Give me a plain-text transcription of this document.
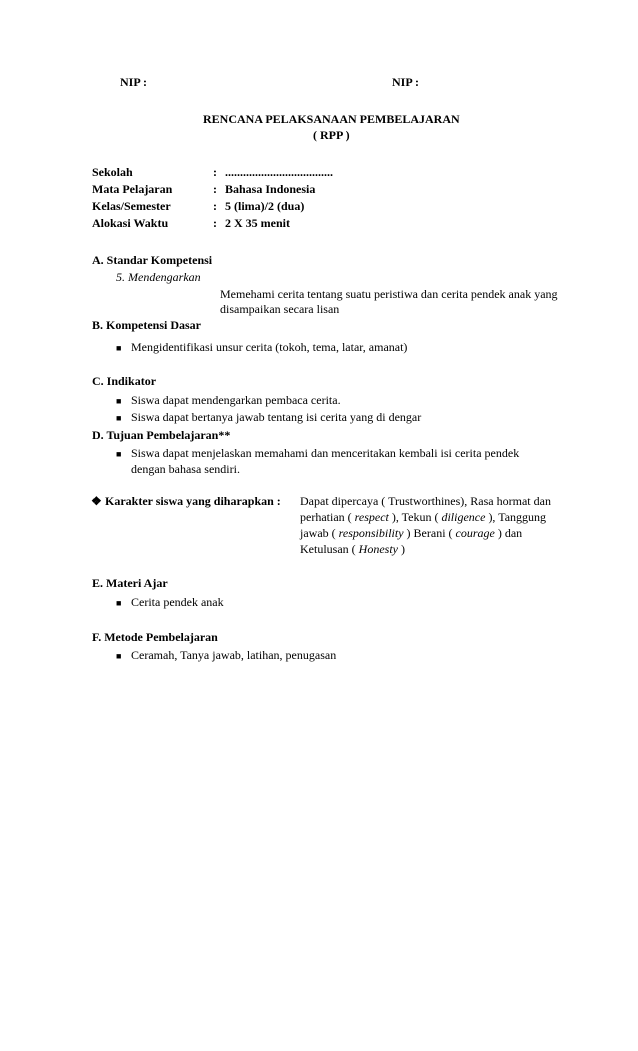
NIP :	NIP :
RENCANA PELAKSANAAN PEMBELAJARAN
( RPP )
Sekolah	: ....................................
Mata Pelajaran	: Bahasa Indonesia
Kelas/Semester	: 5 (lima)/2 (dua)
Alokasi Waktu	: 2 X 35 menit
A. Standar Kompetensi
5. Mendengarkan
Memehami cerita tentang suatu peristiwa dan cerita pendek anak yang
disampaikan secara lisan
B. Kompetensi Dasar
■ Mengidentifikasi unsur cerita (tokoh, tema, latar, amanat)
C. Indikator
■ Siswa dapat mendengarkan pembaca cerita.
■ Siswa dapat bertanya jawab tentang isi cerita yang di dengar
D. Tujuan Pembelajaran**
■ Siswa dapat menjelaskan memahami dan menceritakan kembali isi cerita pendek
dengan bahasa sendiri.
❖ Karakter siswa yang diharapkan : Dapat dipercaya ( Trustworthines), Rasa hormat dan
perhatian ( respect ), Tekun ( diligence ), Tanggung
jawab ( responsibility ) Berani ( courage ) dan
Ketulusan ( Honesty )
E. Materi Ajar
■ Cerita pendek anak
F. Metode Pembelajaran
■ Ceramah, Tanya jawab, latihan, penugasan
